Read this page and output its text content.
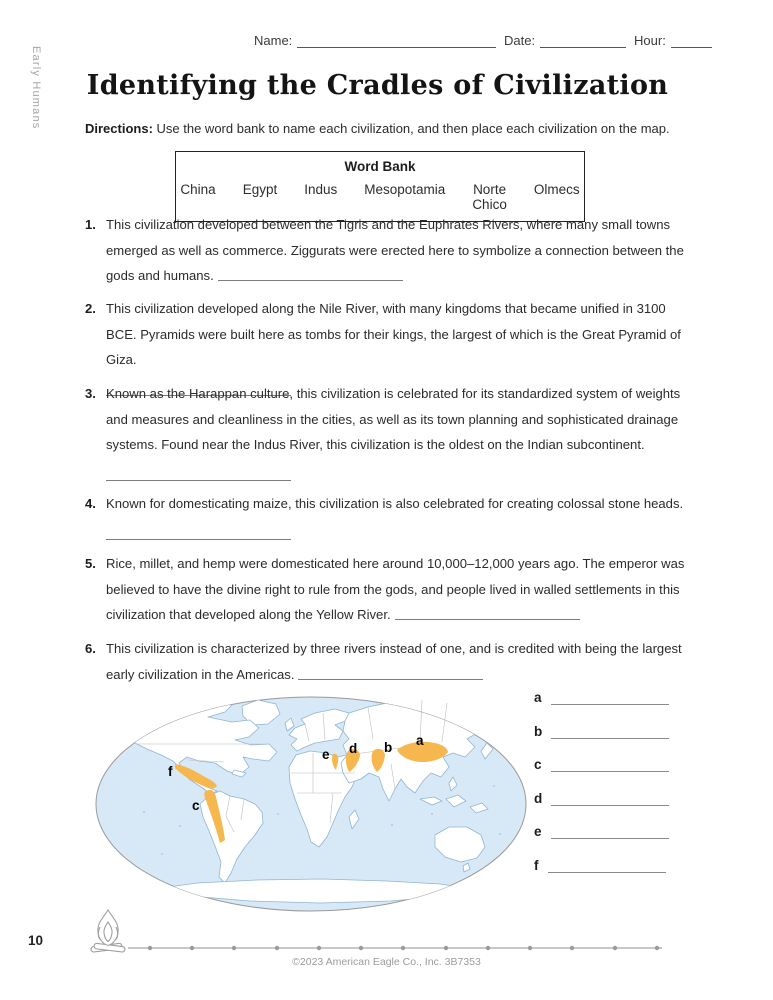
Early Humans
Name:	Date:	Hour:
Identifying the Cradles of Civilization
Directions: Use the word bank to name each civilization, and then place each civilization on the map.
Word Bank
China Egypt Indus Mesopotamia Norte Chico
Olmecs
1. This civilization developed between the Tigris and the Euphrates Rivers, where many small towns emerged as well as commerce. Ziggurats were erected here to symbolize a connection between the gods and humans.
2. This civilization developed along the Nile River, with many kingdoms that became unified in 3100 BCE. Pyramids were built here as tombs for their kings, the largest of which is the Great Pyramid of Giza.
3. Known as the Harappan culture, this civilization is celebrated for its standardized system of weights and measures and cleanliness in the cities, as well as its town planning and sophisticated drainage systems. Found near the Indus River, this civilization is the oldest on the Indian subcontinent.
4. Known for domesticating maize, this civilization is also celebrated for creating colossal stone heads.
5. Rice, millet, and hemp were domesticated here around 10,000–12,000 years ago. The emperor was believed to have the divine right to rule from the gods, and people lived in walled settlements in this civilization that developed along the Yellow River.
6. This civilization is characterized by three rivers instead of one, and is credited with being the largest early civilization in the Americas.
a
b
c
d
e
f
a
b
c
d
e
f
10
©2023 American Eagle Co., Inc. 3B7353
